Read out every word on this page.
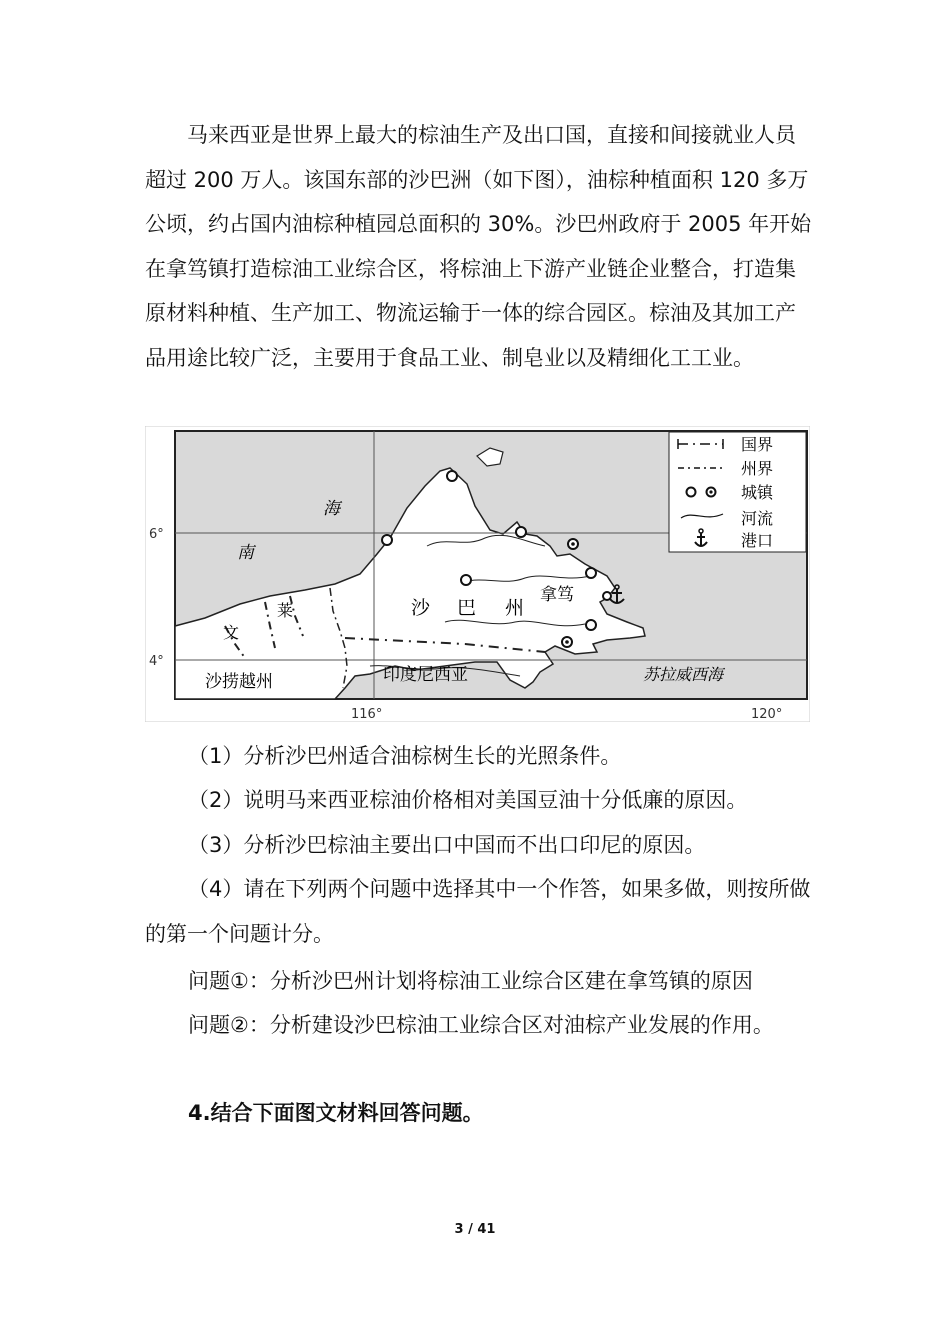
马来西亚是世界上最大的棕油生产及出口国，直接和间接就业人员超过 200 万人。该国东部的沙巴洲（如下图），油棕种植面积 120 多万公顷，约占国内油棕种植园总面积的 30%。沙巴州政府于 2005 年开始在拿笃镇打造棕油工业综合区，将棕油上下游产业链企业整合，打造集原材料种植、生产加工、物流运输于一体的综合园区。棕油及其加工产品用途比较广泛，主要用于食品工业、制皂业以及精细化工工业。
海
南
沙 巴 州
拿笃
文
莱
沙捞越州	印度尼西亚	苏拉威西海
6°
4°
116°	120°
国界
州界
城镇
河流
港口
（1）分析沙巴州适合油棕树生长的光照条件。
（2）说明马来西亚棕油价格相对美国豆油十分低廉的原因。
（3）分析沙巴棕油主要出口中国而不出口印尼的原因。
（4）请在下列两个问题中选择其中一个作答，如果多做，则按所做的第一个问题计分。
问题①：分析沙巴州计划将棕油工业综合区建在拿笃镇的原因
问题②：分析建设沙巴棕油工业综合区对油棕产业发展的作用。
4.结合下面图文材料回答问题。
3 / 41
